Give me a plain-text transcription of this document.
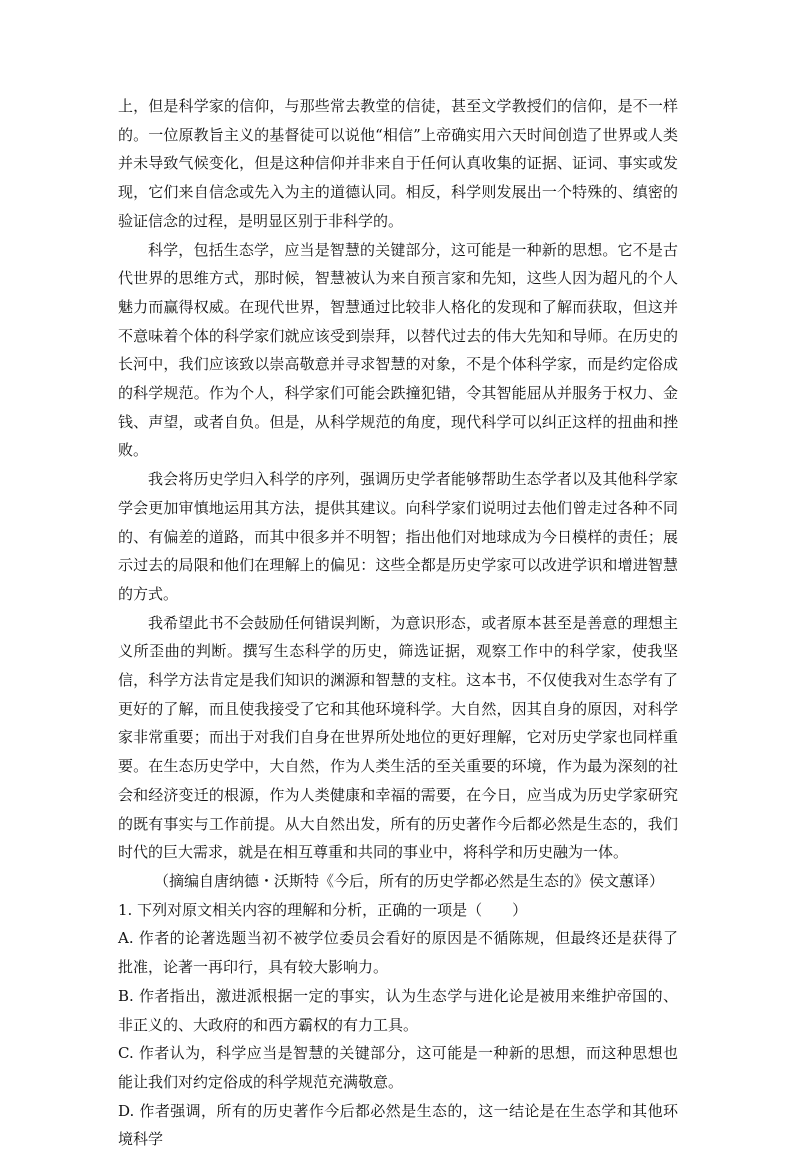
上，但是科学家的信仰，与那些常去教堂的信徒，甚至文学教授们的信仰，是不一样的。一位原教旨主义的基督徒可以说他“相信”上帝确实用六天时间创造了世界或人类并未导致气候变化，但是这种信仰并非来自于任何认真收集的证据、证词、事实或发现，它们来自信念或先入为主的道德认同。相反，科学则发展出一个特殊的、缜密的验证信念的过程，是明显区别于非科学的。

科学，包括生态学，应当是智慧的关键部分，这可能是一种新的思想。它不是古代世界的思维方式，那时候，智慧被认为来自预言家和先知，这些人因为超凡的个人魅力而赢得权威。在现代世界，智慧通过比较非人格化的发现和了解而获取，但这并不意味着个体的科学家们就应该受到崇拜，以替代过去的伟大先知和导师。在历史的长河中，我们应该致以崇高敬意并寻求智慧的对象，不是个体科学家，而是约定俗成的科学规范。作为个人，科学家们可能会跌撞犯错，令其智能屈从并服务于权力、金钱、声望，或者自负。但是，从科学规范的角度，现代科学可以纠正这样的扭曲和挫败。

我会将历史学归入科学的序列，强调历史学者能够帮助生态学者以及其他科学家学会更加审慎地运用其方法，提供其建议。向科学家们说明过去他们曾走过各种不同的、有偏差的道路，而其中很多并不明智；指出他们对地球成为今日模样的责任；展示过去的局限和他们在理解上的偏见：这些全都是历史学家可以改进学识和增进智慧的方式。

我希望此书不会鼓励任何错误判断，为意识形态，或者原本甚至是善意的理想主义所歪曲的判断。撰写生态科学的历史，筛选证据，观察工作中的科学家，使我坚信，科学方法肯定是我们知识的渊源和智慧的支柱。这本书，不仅使我对生态学有了更好的了解，而且使我接受了它和其他环境科学。大自然，因其自身的原因，对科学家非常重要；而出于对我们自身在世界所处地位的更好理解，它对历史学家也同样重要。在生态历史学中，大自然，作为人类生活的至关重要的环境，作为最为深刻的社会和经济变迁的根源，作为人类健康和幸福的需要，在今日，应当成为历史学家研究的既有事实与工作前提。从大自然出发，所有的历史著作今后都必然是生态的，我们时代的巨大需求，就是在相互尊重和共同的事业中，将科学和历史融为一体。

（摘编自唐纳德・沃斯特《今后，所有的历史学都必然是生态的》侯文蕙译）

1. 下列对原文相关内容的理解和分析，正确的一项是（　　）

A. 作者的论著选题当初不被学位委员会看好的原因是不循陈规，但最终还是获得了批准，论著一再印行，具有较大影响力。

B. 作者指出，激进派根据一定的事实，认为生态学与进化论是被用来维护帝国的、非正义的、大政府的和西方霸权的有力工具。

C. 作者认为，科学应当是智慧的关键部分，这可能是一种新的思想，而这种思想也能让我们对约定俗成的科学规范充满敬意。

D. 作者强调，所有的历史著作今后都必然是生态的，这一结论是在生态学和其他环境科学
